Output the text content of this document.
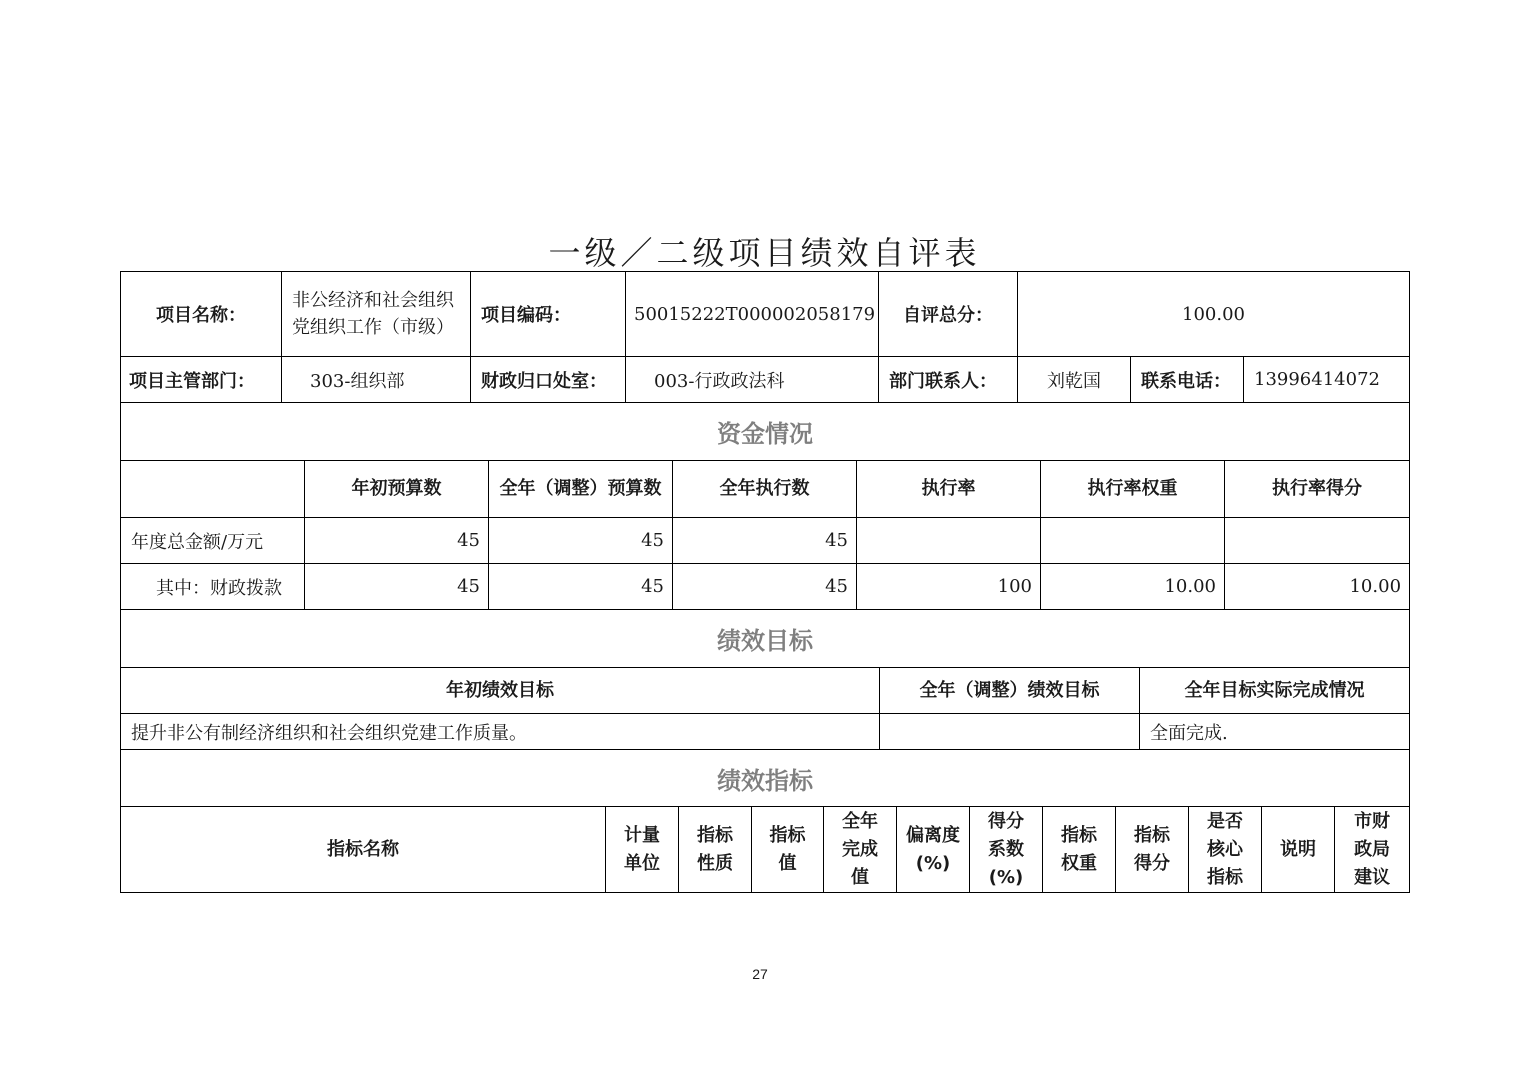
一级／二级项目绩效自评表
项目名称：	非公经济和社会组织党组织工作（市级）	项目编码：	50015222T000002058179	自评总分：	100.00		
项目主管部门：	303-组织部	财政归口处室：	003-行政政法科	部门联系人：	刘乾国	联系电话：	13996414072
资金情况						
	年初预算数	全年（调整）预算数	全年执行数	执行率	执行率权重	执行率得分
年度总金额/万元	45	45	45			
其中：财政拨款	45	45	45	100	10.00	10.00
绩效目标		
年初绩效目标	全年（调整）绩效目标	全年目标实际完成情况
提升非公有制经济组织和社会组织党建工作质量。		全面完成.
绩效指标
指标名称	计量单位	指标性质	指标值	全年完成值	偏离度(%)	得分系数(%)	指标权重	指标得分	是否核心指标	说明	市财政局建议
27
